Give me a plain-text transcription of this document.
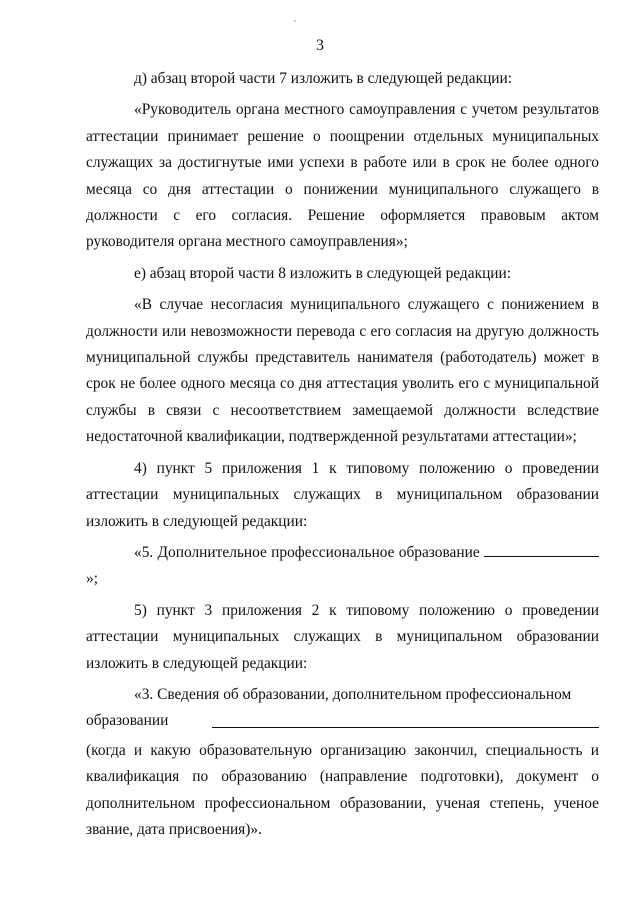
3

д) абзац второй части 7 изложить в следующей редакции:

«Руководитель органа местного самоуправления с учетом результатов аттестации принимает решение о поощрении отдельных муниципальных служащих за достигнутые ими успехи в работе или в срок не более одного месяца со дня аттестации о понижении муниципального служащего в должности с его согласия. Решение оформляется правовым актом руководителя органа местного самоуправления»;

е) абзац второй части 8 изложить в следующей редакции:

«В случае несогласия муниципального служащего с понижением в должности или невозможности перевода с его согласия на другую должность муниципальной службы представитель нанимателя (работодатель) может в срок не более одного месяца со дня аттестация уволить его с муниципальной службы в связи с несоответствием замещаемой должности вследствие недостаточной квалификации, подтвержденной результатами аттестации»;

4) пункт 5 приложения 1 к типовому положению о проведении аттестации муниципальных служащих в муниципальном образовании изложить в следующей редакции:

«5. Дополнительное профессиональное образование »;

5) пункт 3 приложения 2 к типовому положению о проведении аттестации муниципальных служащих в муниципальном образовании изложить в следующей редакции:

«3. Сведения об образовании, дополнительном профессиональном

образовании

(когда и какую образовательную организацию закончил, специальность и квалификация по образованию (направление подготовки), документ о дополнительном профессиональном образовании, ученая степень, ученое звание, дата присвоения)».
